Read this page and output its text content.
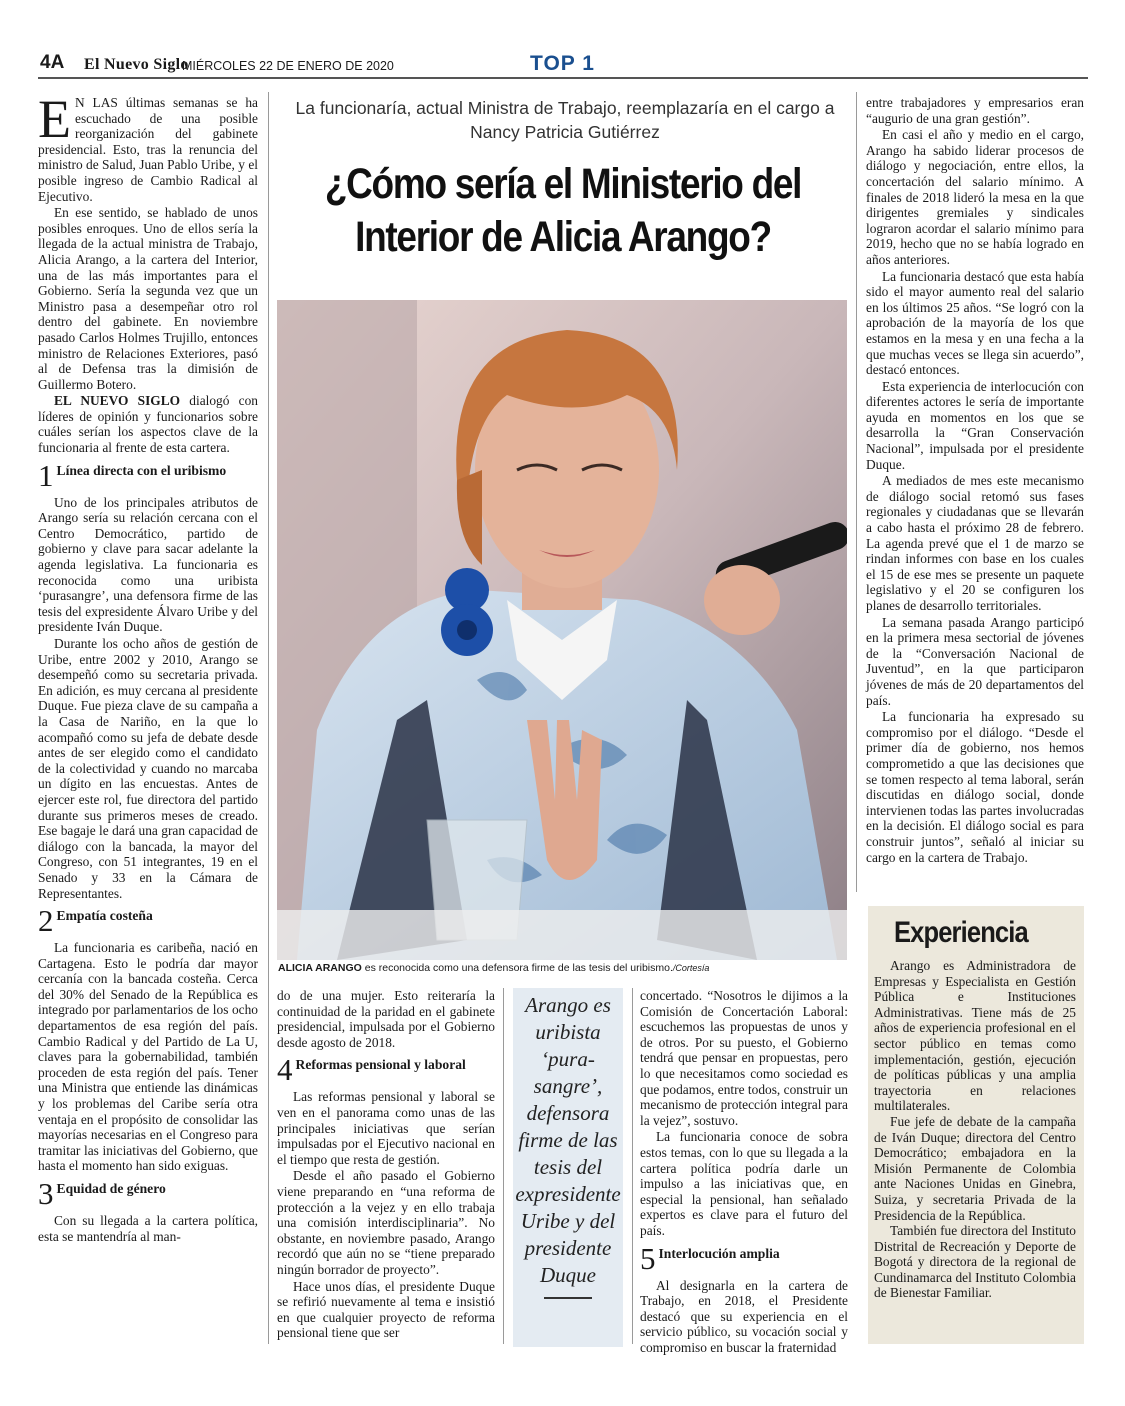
4A El Nuevo Siglo
MIÉRCOLES 22 DE ENERO DE 2020	TOP 1

E N LAS últimas semanas se ha escuchado de una posible reorganización del gabinete presidencial. Esto, tras la renuncia del ministro de Salud, Juan Pablo Uribe, y el posible ingreso de Cambio Radical al Ejecutivo.

En ese sentido, se hablado de unos posibles enroques. Uno de ellos sería la llegada de la actual ministra de Trabajo, Alicia Arango, a la cartera del Interior, una de las más importantes para el Gobierno. Sería la segunda vez que un Ministro pasa a desempeñar otro rol dentro del gabinete. En noviembre pasado Carlos Holmes Trujillo, entonces ministro de Relaciones Exteriores, pasó al de Defensa tras la dimisión de Guillermo Botero.

EL NUEVO SIGLO dialogó con líderes de opinión y funcionarios sobre cuáles serían los aspectos clave de la funcionaria al frente de esta cartera.

1 Línea directa con el uribismo

Uno de los principales atributos de Arango sería su relación cercana con el Centro Democrático, partido de gobierno y clave para sacar adelante la agenda legislativa. La funcionaria es reconocida como una uribista ‘purasangre’, una defensora firme de las tesis del expresidente Álvaro Uribe y del presidente Iván Duque.

Durante los ocho años de gestión de Uribe, entre 2002 y 2010, Arango se desempeñó como su secretaria privada. En adición, es muy cercana al presidente Duque. Fue pieza clave de su campaña a la Casa de Nariño, en la que lo acompañó como su jefa de debate desde antes de ser elegido como el candidato de la colectividad y cuando no marcaba un dígito en las encuestas. Antes de ejercer este rol, fue directora del partido durante sus primeros meses de creado. Ese bagaje le dará una gran capacidad de diálogo con la bancada, la mayor del Congreso, con 51 integrantes, 19 en el Senado y 33 en la Cámara de Representantes.

2 Empatía costeña

La funcionaria es caribeña, nació en Cartagena. Esto le podría dar mayor cercanía con la bancada costeña. Cerca del 30% del Senado de la República es integrado por parlamentarios de los ocho departamentos de esa región del país. Cambio Radical y del Partido de La U, claves para la gobernabilidad, también proceden de esta región del país. Tener una Ministra que entiende las dinámicas y los problemas del Caribe sería otra ventaja en el propósito de consolidar las mayorías necesarias en el Congreso para tramitar las iniciativas del Gobierno, que hasta el momento han sido exiguas.

3 Equidad de género

Con su llegada a la cartera política, esta se mantendría al man-

La funcionaría, actual Ministra de Trabajo, reemplazaría en el cargo a Nancy Patricia Gutiérrez
¿Cómo sería el Ministerio del Interior de Alicia Arango?
ALICIA ARANGO es reconocida como una defensora firme de las tesis del uribismo./Cortesía

do de una mujer. Esto reiteraría la continuidad de la paridad en el gabinete presidencial, impulsada por el Gobierno desde agosto de 2018.

4 Reformas pensional y laboral

Las reformas pensional y laboral se ven en el panorama como unas de las principales iniciativas que serían impulsadas por el Ejecutivo nacional en el tiempo que resta de gestión.

Desde el año pasado el Gobierno viene preparando en “una reforma de protección a la vejez y en ello trabaja una comisión interdisciplinaria”. No obstante, en noviembre pasado, Arango recordó que aún no se “tiene preparado ningún borrador de proyecto”.

Hace unos días, el presidente Duque se refirió nuevamente al tema e insistió en que cualquier proyecto de reforma pensional tiene que ser

Arango es uribista ‘pura-sangre’, defensora firme de las tesis del expresidente Uribe y del presidente Duque

concertado. “Nosotros le dijimos a la Comisión de Concertación Laboral: escuchemos las propuestas de unos y de otros. Por su puesto, el Gobierno tendrá que pensar en propuestas, pero lo que necesitamos como sociedad es que podamos, entre todos, construir un mecanismo de protección integral para la vejez”, sostuvo.

La funcionaria conoce de sobra estos temas, con lo que su llegada a la cartera política podría darle un impulso a las iniciativas que, en especial la pensional, han señalado expertos es clave para el futuro del país.

5 Interlocución amplia

Al designarla en la cartera de Trabajo, en 2018, el Presidente destacó que su experiencia en el servicio público, su vocación social y compromiso en buscar la fraternidad

entre trabajadores y empresarios eran “augurio de una gran gestión”.

En casi el año y medio en el cargo, Arango ha sabido liderar procesos de diálogo y negociación, entre ellos, la concertación del salario mínimo. A finales de 2018 lideró la mesa en la que dirigentes gremiales y sindicales lograron acordar el salario mínimo para 2019, hecho que no se había logrado en años anteriores.

La funcionaria destacó que esta había sido el mayor aumento real del salario en los últimos 25 años. “Se logró con la aprobación de la mayoría de los que estamos en la mesa y en una fecha a la que muchas veces se llega sin acuerdo”, destacó entonces.

Esta experiencia de interlocución con diferentes actores le sería de importante ayuda en momentos en los que se desarrolla la “Gran Conservación Nacional”, impulsada por el presidente Duque.

A mediados de mes este mecanismo de diálogo social retomó sus fases regionales y ciudadanas que se llevarán a cabo hasta el próximo 28 de febrero. La agenda prevé que el 1 de marzo se rindan informes con base en los cuales el 15 de ese mes se presente un paquete legislativo y el 20 se configuren los planes de desarrollo territoriales.

La semana pasada Arango participó en la primera mesa sectorial de jóvenes de la “Conversación Nacional de Juventud”, en la que participaron jóvenes de más de 20 departamentos del país.

La funcionaria ha expresado su compromiso por el diálogo. “Desde el primer día de gobierno, nos hemos comprometido a que las decisiones que se tomen respecto al tema laboral, serán discutidas en diálogo social, donde intervienen todas las partes involucradas en la decisión. El diálogo social es para construir juntos”, señaló al iniciar su cargo en la cartera de Trabajo.

Experiencia

Arango es Administradora de Empresas y Especialista en Gestión Pública e Instituciones Administrativas. Tiene más de 25 años de experiencia profesional en el sector público en temas como implementación, gestión, ejecución de políticas públicas y una amplia trayectoria en relaciones multilaterales.

Fue jefe de debate de la campaña de Iván Duque; directora del Centro Democrático; embajadora en la Misión Permanente de Colombia ante Naciones Unidas en Ginebra, Suiza, y secretaria Privada de la Presidencia de la República.

También fue directora del Instituto Distrital de Recreación y Deporte de Bogotá y directora de la regional de Cundinamarca del Instituto Colombia de Bienestar Familiar.
